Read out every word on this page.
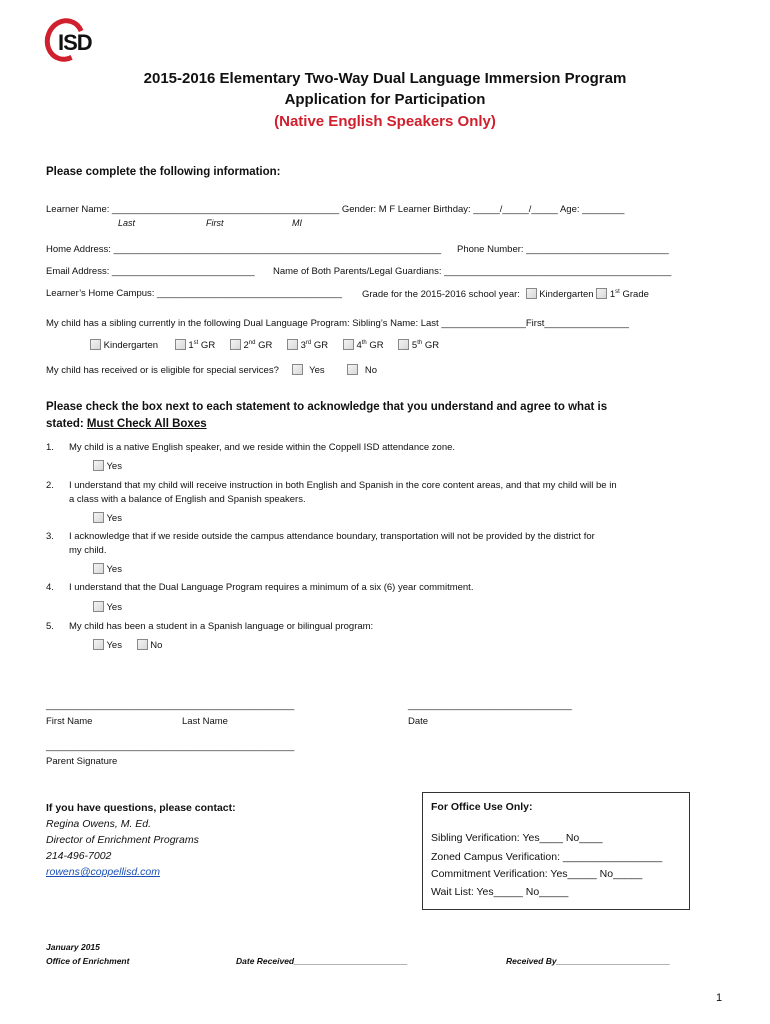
ISD
2015-2016 Elementary Two-Way Dual Language Immersion Program
Application for Participation
(Native English Speakers Only)
Please complete the following information:
Learner Name: ___________________________________________ Gender: M F Learner Birthday: _____/_____/_____ Age: ________
Last	First	MI
Home Address: ______________________________________________________________ Phone Number: ___________________________
Email Address: ___________________________ Name of Both Parents/Legal Guardians: ___________________________________________
Learner’s Home Campus: ___________________________________ Grade for the 2015-2016 school year: Kindergarten 1st Grade
My child has a sibling currently in the following Dual Language Program: Sibling’s Name: Last ________________First________________
Kindergarten	1st GR	2nd GR	3rd GR	4th GR	5th GR
My child has received or is eligible for special services?	Yes	No
Please check the box next to each statement to acknowledge that you understand and agree to what is
stated: Must Check All Boxes
1. My child is a native English speaker, and we reside within the Coppell ISD attendance zone.
Yes
2. I understand that my child will receive instruction in both English and Spanish in the core content areas, and that my child will be in
a class with a balance of English and Spanish speakers.
Yes
3. I acknowledge that if we reside outside the campus attendance boundary, transportation will not be provided by the district for
my child.
Yes
4. I understand that the Dual Language Program requires a minimum of a six (6) year commitment.
Yes
5. My child has been a student in a Spanish language or bilingual program:
Yes	No
_______________________________________________
First Name	Last Name
_______________________________
Date
_______________________________________________
Parent Signature
If you have questions, please contact:
Regina Owens, M. Ed.
Director of Enrichment Programs
214-496-7002
rowens@coppellisd.com
For Office Use Only:
Sibling Verification: Yes____ No____
Zoned Campus Verification: _________________
Commitment Verification: Yes_____ No_____
Wait List: Yes_____ No_____
January 2015
Office of Enrichment	Date Received________________________	Received By________________________
1
